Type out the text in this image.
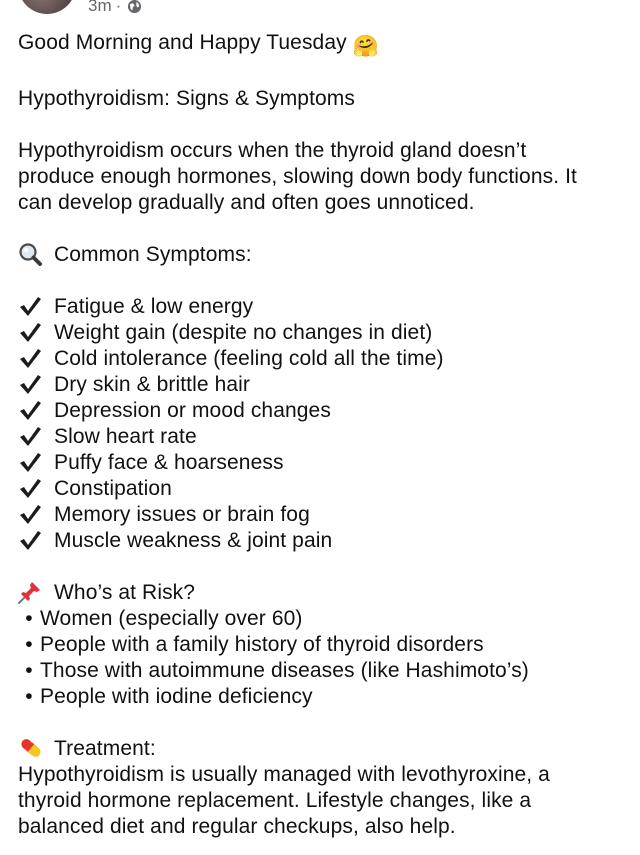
3m ·

Good Morning and Happy Tuesday 🤗

Hypothyroidism: Signs & Symptoms

Hypothyroidism occurs when the thyroid gland doesn’t
produce enough hormones, slowing down body functions. It
can develop gradually and often goes unnoticed.

Common Symptoms:

Fatigue & low energy
Weight gain (despite no changes in diet)
Cold intolerance (feeling cold all the time)
Dry skin & brittle hair
Depression or mood changes
Slow heart rate
Puffy face & hoarseness
Constipation
Memory issues or brain fog
Muscle weakness & joint pain
Who’s at Risk?
• Women (especially over 60)
• People with a family history of thyroid disorders
• Those with autoimmune diseases (like Hashimoto’s)
• People with iodine deficiency
Treatment:
Hypothyroidism is usually managed with levothyroxine, a
thyroid hormone replacement. Lifestyle changes, like a
balanced diet and regular checkups, also help.
